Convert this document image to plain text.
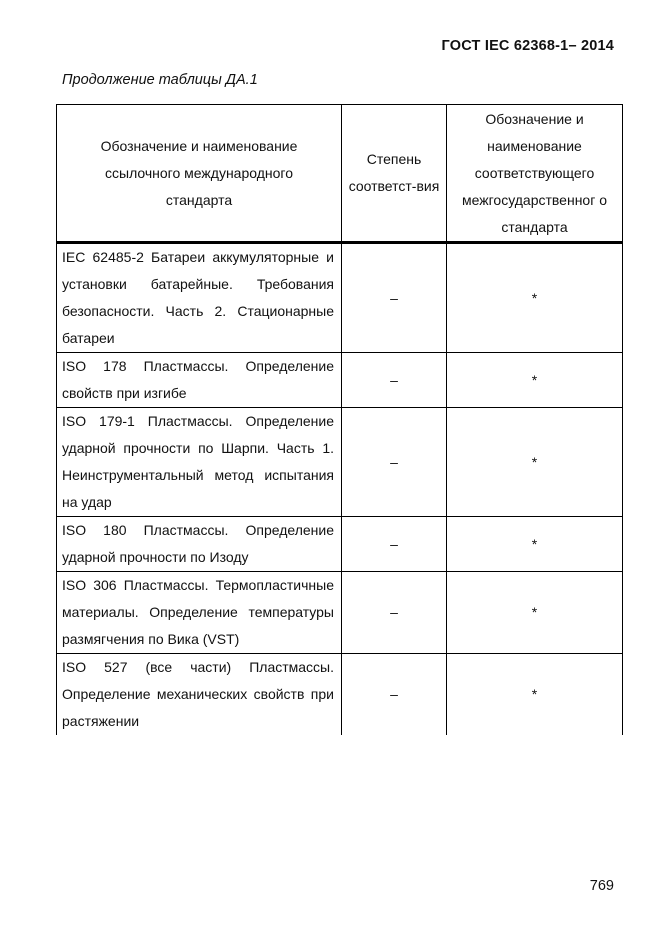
ГОСТ IEC 62368-1– 2014
Продолжение таблицы ДА.1
Обозначение и наименование ссылочного международного стандарта	Степень соответст-вия	Обозначение и наименование соответствующего межгосударственног о стандарта
IEC 62485-2 Батареи аккумуляторные и установки батарейные. Требования безопасности. Часть 2. Стационарные батареи	–	*
ISO 178 Пластмассы. Определение свойств при изгибе	–	*
ISO 179-1 Пластмассы. Определение ударной прочности по Шарпи. Часть 1. Неинструментальный метод испытания на удар	–	*
ISO 180 Пластмассы. Определение ударной прочности по Изоду	–	*
ISO 306 Пластмассы. Термопластичные материалы. Определение температуры размягчения по Вика (VST)	–	*
ISO 527 (все части) Пластмассы. Определение механических свойств при растяжении	–	*
769
